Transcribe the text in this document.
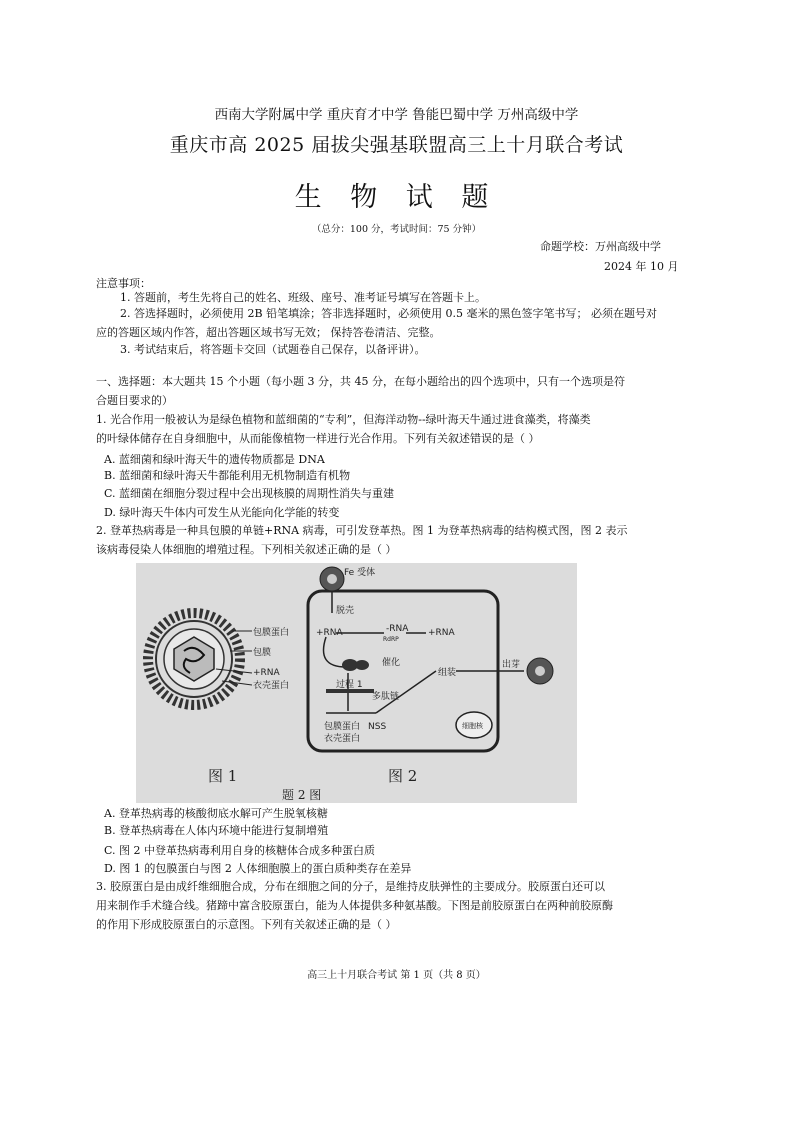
西南大学附属中学 重庆育才中学 鲁能巴蜀中学 万州高级中学
重庆市高 2025 届拔尖强基联盟高三上十月联合考试
生 物 试 题
（总分：100 分，考试时间：75 分钟）
命题学校：万州高级中学
2024 年 10 月
注意事项：
1. 答题前，考生先将自己的姓名、班级、座号、准考证号填写在答题卡上。
2. 答选择题时，必须使用 2B 铅笔填涂；答非选择题时，必须使用 0.5 毫米的黑色签字笔书写； 必须在题号对
应的答题区域内作答，超出答题区域书写无效； 保持答卷清洁、完整。
3. 考试结束后，将答题卡交回（试题卷自己保存，以备评讲）。
一、选择题：本大题共 15 个小题（每小题 3 分，共 45 分，在每小题给出的四个选项中，只有一个选项是符
合题目要求的）
1. 光合作用一般被认为是绿色植物和蓝细菌的“专利”，但海洋动物--绿叶海天牛通过进食藻类，将藻类
的叶绿体储存在自身细胞中，从而能像植物一样进行光合作用。下列有关叙述错误的是（ ）
A. 蓝细菌和绿叶海天牛的遗传物质都是 DNA
B. 蓝细菌和绿叶海天牛都能利用无机物制造有机物
C. 蓝细菌在细胞分裂过程中会出现核膜的周期性消失与重建
D. 绿叶海天牛体内可发生从光能向化学能的转变
2. 登革热病毒是一种具包膜的单链+RNA 病毒，可引发登革热。图 1 为登革热病毒的结构模式图，图 2 表示
该病毒侵染人体细胞的增殖过程。下列相关叙述正确的是（ ）
包膜蛋白
包膜
+RNA
衣壳蛋白
Fe 受体
脱壳
+RNA	-RNA +RNA
RdRP
催化
过程 1
多肽链
组装
出芽
包膜蛋白 NSS
衣壳蛋白
细胞核
图 1	图 2
题 2 图
A. 登革热病毒的核酸彻底水解可产生脱氧核糖
B. 登革热病毒在人体内环境中能进行复制增殖
C. 图 2 中登革热病毒利用自身的核糖体合成多种蛋白质
D. 图 1 的包膜蛋白与图 2 人体细胞膜上的蛋白质种类存在差异
3. 胶原蛋白是由成纤维细胞合成，分布在细胞之间的分子，是维持皮肤弹性的主要成分。胶原蛋白还可以
用来制作手术缝合线。猪蹄中富含胶原蛋白，能为人体提供多种氨基酸。下图是前胶原蛋白在两种前胶原酶
的作用下形成胶原蛋白的示意图。下列有关叙述正确的是（ ）
高三上十月联合考试 第 1 页（共 8 页）
